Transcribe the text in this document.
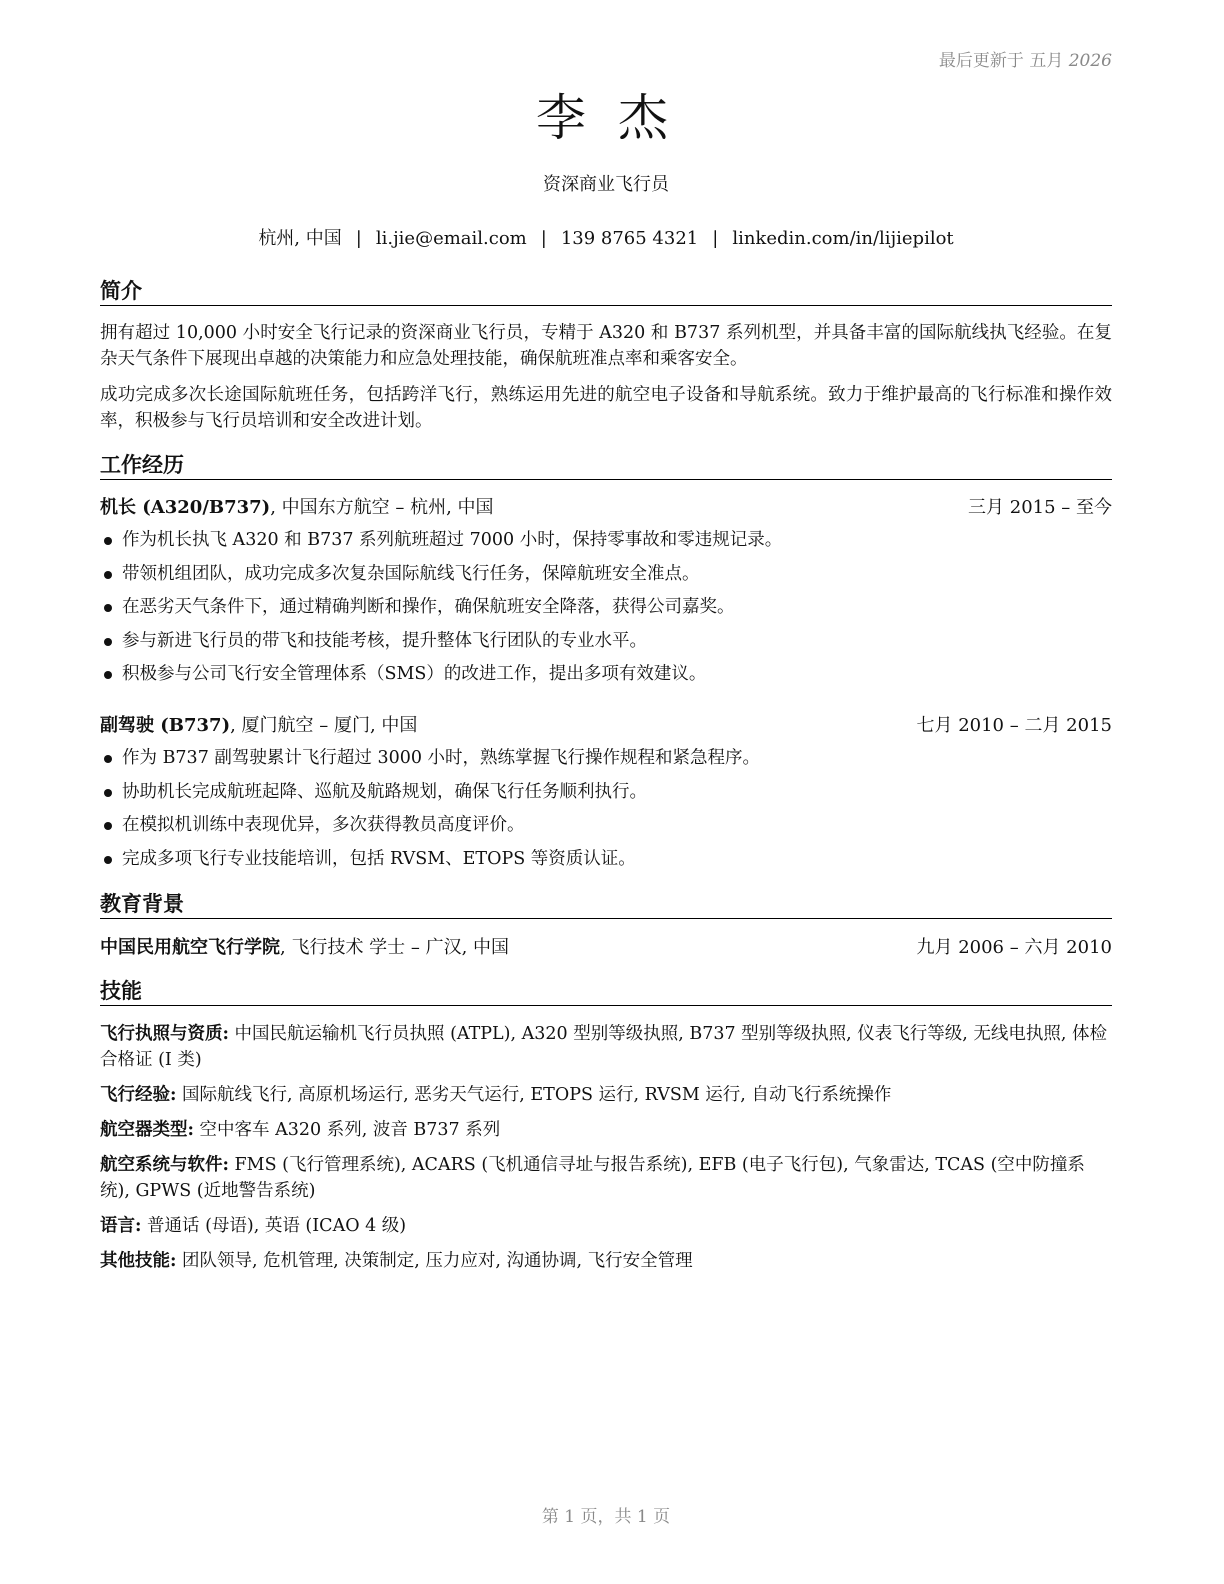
最后更新于 五月 2026
李 杰
资深商业飞行员
杭州, 中国 | li.jie@email.com | 139 8765 4321 | linkedin.com/in/lijiepilot
简介
拥有超过 10,000 小时安全飞行记录的资深商业飞行员，专精于 A320 和 B737 系列机型，并具备丰富的国际航线执飞经验。在复杂天气条件下展现出卓越的决策能力和应急处理技能，确保航班准点率和乘客安全。
成功完成多次长途国际航班任务，包括跨洋飞行，熟练运用先进的航空电子设备和导航系统。致力于维护最高的飞行标准和操作效率，积极参与飞行员培训和安全改进计划。
工作经历
机长 (A320/B737), 中国东方航空 – 杭州, 中国	三月 2015 – 至今
作为机长执飞 A320 和 B737 系列航班超过 7000 小时，保持零事故和零违规记录。
带领机组团队，成功完成多次复杂国际航线飞行任务，保障航班安全准点。
在恶劣天气条件下，通过精确判断和操作，确保航班安全降落，获得公司嘉奖。
参与新进飞行员的带飞和技能考核，提升整体飞行团队的专业水平。
积极参与公司飞行安全管理体系（SMS）的改进工作，提出多项有效建议。
副驾驶 (B737), 厦门航空 – 厦门, 中国	七月 2010 – 二月 2015
作为 B737 副驾驶累计飞行超过 3000 小时，熟练掌握飞行操作规程和紧急程序。
协助机长完成航班起降、巡航及航路规划，确保飞行任务顺利执行。
在模拟机训练中表现优异，多次获得教员高度评价。
完成多项飞行专业技能培训，包括 RVSM、ETOPS 等资质认证。
教育背景
中国民用航空飞行学院, 飞行技术 学士 – 广汉, 中国	九月 2006 – 六月 2010
技能
飞行执照与资质: 中国民航运输机飞行员执照 (ATPL), A320 型别等级执照, B737 型别等级执照, 仪表飞行等级, 无线电执照, 体检合格证 (I 类)
飞行经验: 国际航线飞行, 高原机场运行, 恶劣天气运行, ETOPS 运行, RVSM 运行, 自动飞行系统操作
航空器类型: 空中客车 A320 系列, 波音 B737 系列
航空系统与软件: FMS (飞行管理系统), ACARS (飞机通信寻址与报告系统), EFB (电子飞行包), 气象雷达, TCAS (空中防撞系统), GPWS (近地警告系统)
语言: 普通话 (母语), 英语 (ICAO 4 级)
其他技能: 团队领导, 危机管理, 决策制定, 压力应对, 沟通协调, 飞行安全管理
第 1 页，共 1 页
